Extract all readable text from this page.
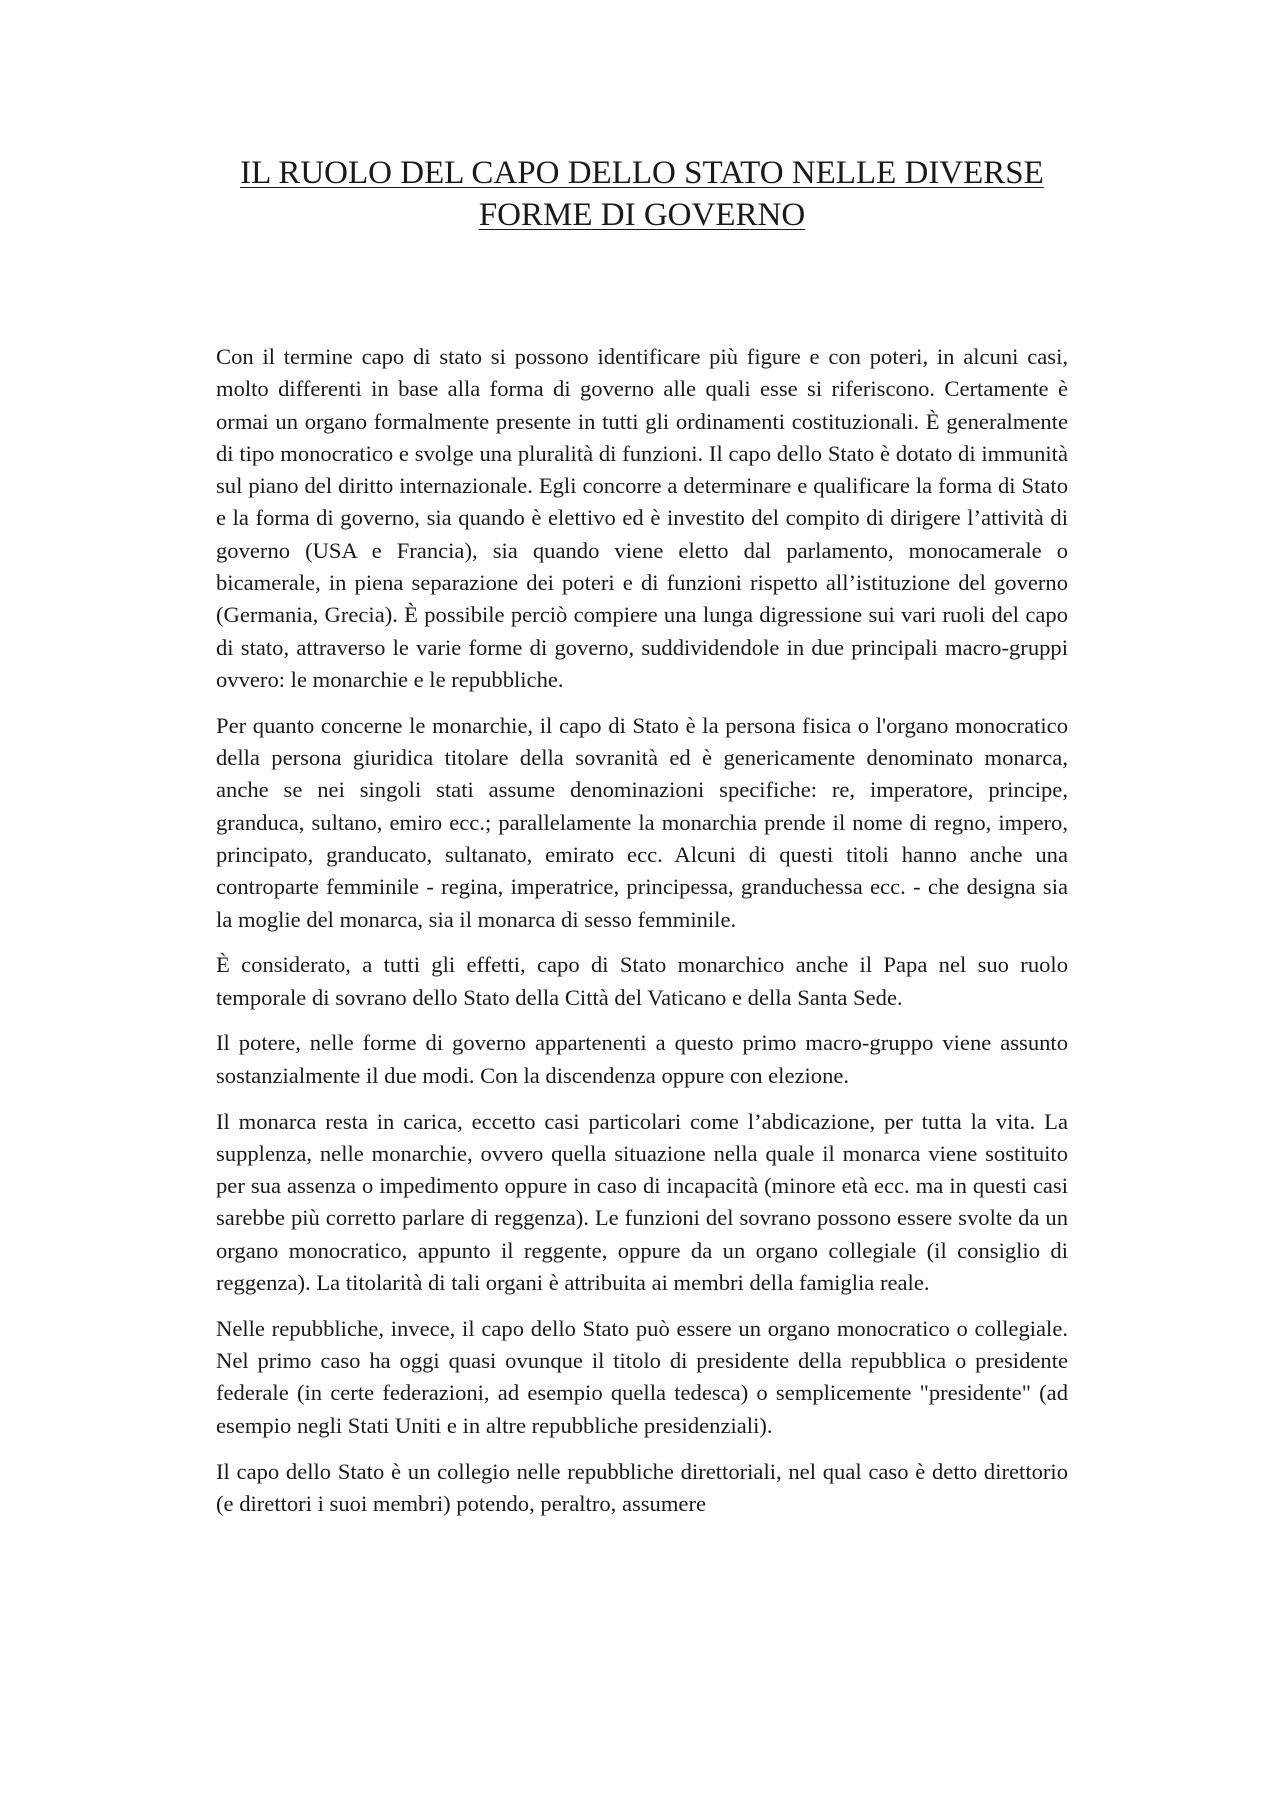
IL RUOLO DEL CAPO DELLO STATO NELLE DIVERSE
FORME DI GOVERNO

Con il termine capo di stato si possono identificare più figure e con poteri, in alcuni casi, molto differenti in base alla forma di governo alle quali esse si riferiscono. Certamente è ormai un organo formalmente presente in tutti gli ordinamenti costituzionali. È generalmente di tipo monocratico e svolge una pluralità di funzioni. Il capo dello Stato è dotato di immunità sul piano del diritto internazionale. Egli concorre a determinare e qualificare la forma di Stato e la forma di governo, sia quando è elettivo ed è investito del compito di dirigere l’attività di governo (USA e Francia), sia quando viene eletto dal parlamento, monocamerale o bicamerale, in piena separazione dei poteri e di funzioni rispetto all’istituzione del governo (Germania, Grecia). È possibile perciò compiere una lunga digressione sui vari ruoli del capo di stato, attraverso le varie forme di governo, suddividendole in due principali macro-gruppi ovvero: le monarchie e le repubbliche.

Per quanto concerne le monarchie, il capo di Stato è la persona fisica o l'organo monocratico della persona giuridica titolare della sovranità ed è genericamente denominato monarca, anche se nei singoli stati assume denominazioni specifiche: re, imperatore, principe, granduca, sultano, emiro ecc.; parallelamente la monarchia prende il nome di regno, impero, principato, granducato, sultanato, emirato ecc. Alcuni di questi titoli hanno anche una controparte femminile - regina, imperatrice, principessa, granduchessa ecc. - che designa sia la moglie del monarca, sia il monarca di sesso femminile.

È considerato, a tutti gli effetti, capo di Stato monarchico anche il Papa nel suo ruolo temporale di sovrano dello Stato della Città del Vaticano e della Santa Sede.

Il potere, nelle forme di governo appartenenti a questo primo macro-gruppo viene assunto sostanzialmente il due modi. Con la discendenza oppure con elezione.

Il monarca resta in carica, eccetto casi particolari come l’abdicazione, per tutta la vita. La supplenza, nelle monarchie, ovvero quella situazione nella quale il monarca viene sostituito per sua assenza o impedimento oppure in caso di incapacità (minore età ecc. ma in questi casi sarebbe più corretto parlare di reggenza). Le funzioni del sovrano possono essere svolte da un organo monocratico, appunto il reggente, oppure da un organo collegiale (il consiglio di reggenza). La titolarità di tali organi è attribuita ai membri della famiglia reale.

Nelle repubbliche, invece, il capo dello Stato può essere un organo monocratico o collegiale. Nel primo caso ha oggi quasi ovunque il titolo di presidente della repubblica o presidente federale (in certe federazioni, ad esempio quella tedesca) o semplicemente "presidente" (ad esempio negli Stati Uniti e in altre repubbliche presidenziali).

Il capo dello Stato è un collegio nelle repubbliche direttoriali, nel qual caso è detto direttorio (e direttori i suoi membri) potendo, peraltro, assumere
